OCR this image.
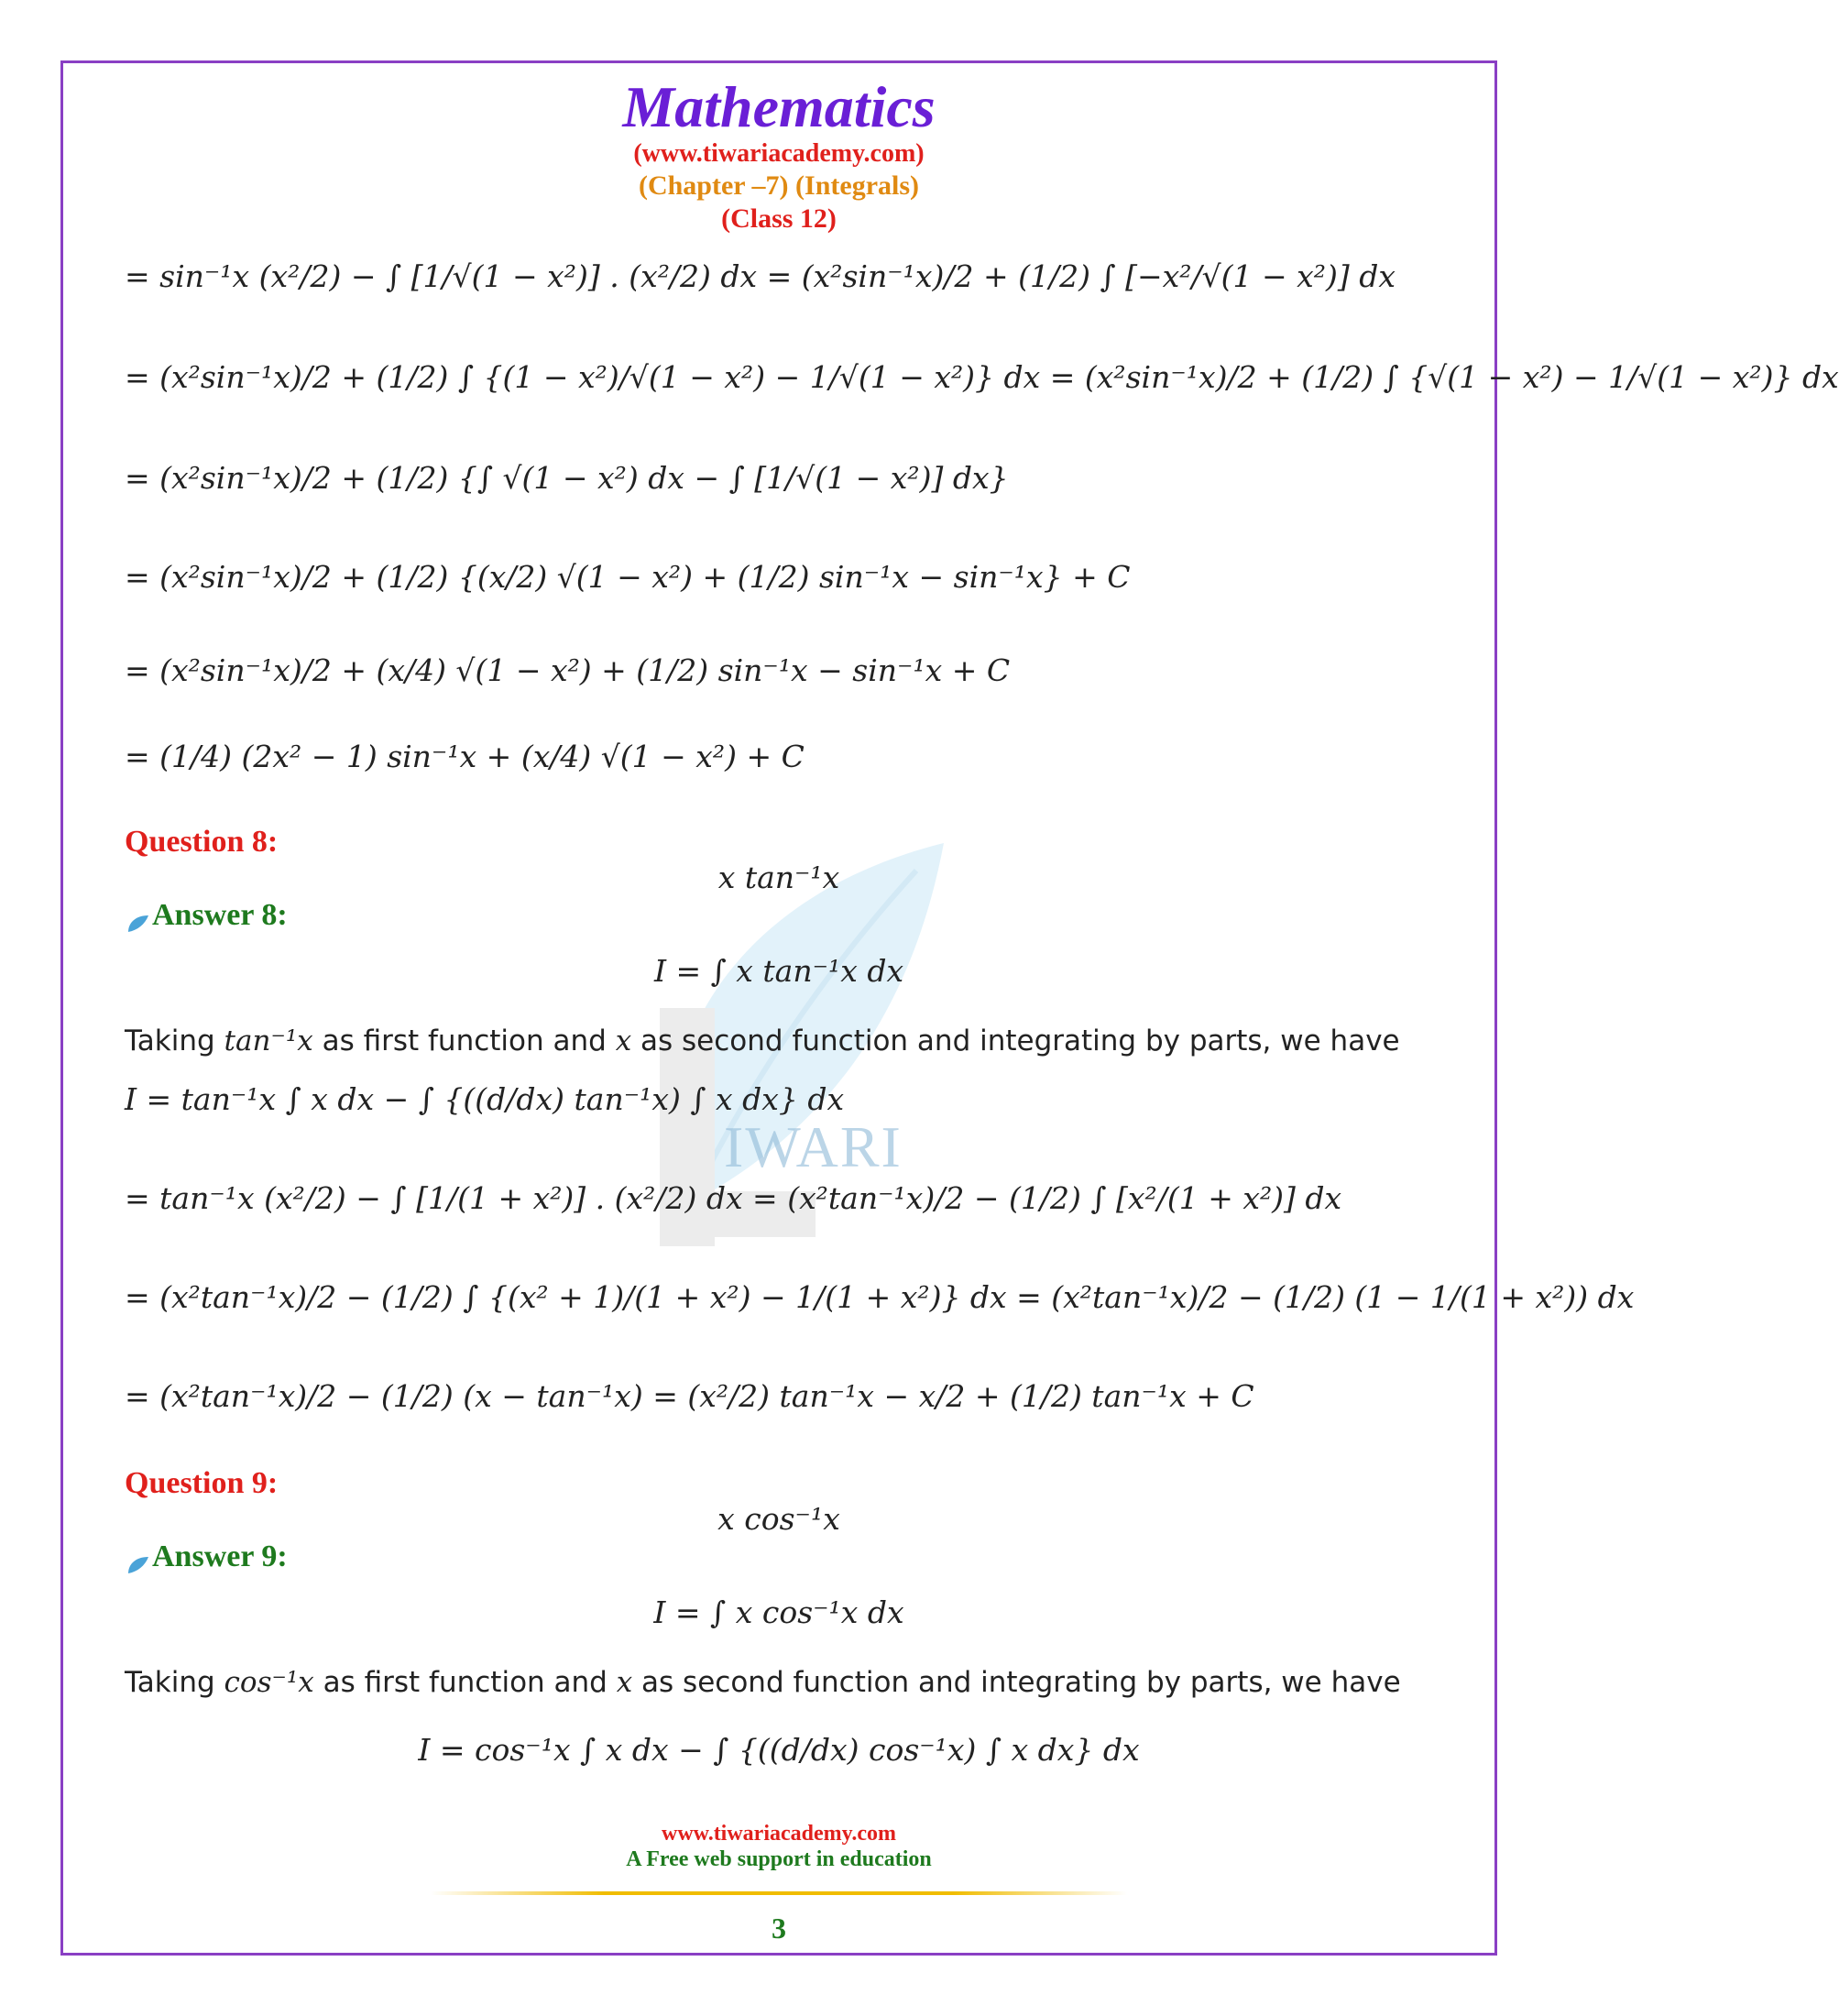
Mathematics
(www.tiwariacademy.com)
(Chapter –7) (Integrals)
(Class 12)
IWARI
= sin⁻¹x (x²/2) − ∫ [1/√(1 − x²)] . (x²/2) dx = (x²sin⁻¹x)/2 + (1/2) ∫ [−x²/√(1 − x²)] dx
= (x²sin⁻¹x)/2 + (1/2) ∫ {(1 − x²)/√(1 − x²) − 1/√(1 − x²)} dx = (x²sin⁻¹x)/2 + (1/2) ∫ {√(1 − x²) − 1/√(1 − x²)} dx
= (x²sin⁻¹x)/2 + (1/2) {∫ √(1 − x²) dx − ∫ [1/√(1 − x²)] dx}
= (x²sin⁻¹x)/2 + (1/2) {(x/2) √(1 − x²) + (1/2) sin⁻¹x − sin⁻¹x} + C
= (x²sin⁻¹x)/2 + (x/4) √(1 − x²) + (1/2) sin⁻¹x − sin⁻¹x + C
= (1/4) (2x² − 1) sin⁻¹x + (x/4) √(1 − x²) + C
Question 8:
x tan⁻¹x
Answer 8:
I = ∫ x tan⁻¹x dx
Taking tan⁻¹x as first function and x as second function and integrating by parts, we have
I = tan⁻¹x ∫ x dx − ∫ {((d/dx) tan⁻¹x) ∫ x dx} dx
= tan⁻¹x (x²/2) − ∫ [1/(1 + x²)] . (x²/2) dx = (x²tan⁻¹x)/2 − (1/2) ∫ [x²/(1 + x²)] dx
= (x²tan⁻¹x)/2 − (1/2) ∫ {(x² + 1)/(1 + x²) − 1/(1 + x²)} dx = (x²tan⁻¹x)/2 − (1/2) (1 − 1/(1 + x²)) dx
= (x²tan⁻¹x)/2 − (1/2) (x − tan⁻¹x) = (x²/2) tan⁻¹x − x/2 + (1/2) tan⁻¹x + C
Question 9:
x cos⁻¹x
Answer 9:
I = ∫ x cos⁻¹x dx
Taking cos⁻¹x as first function and x as second function and integrating by parts, we have
I = cos⁻¹x ∫ x dx − ∫ {((d/dx) cos⁻¹x) ∫ x dx} dx
www.tiwariacademy.com
A Free web support in education
3
